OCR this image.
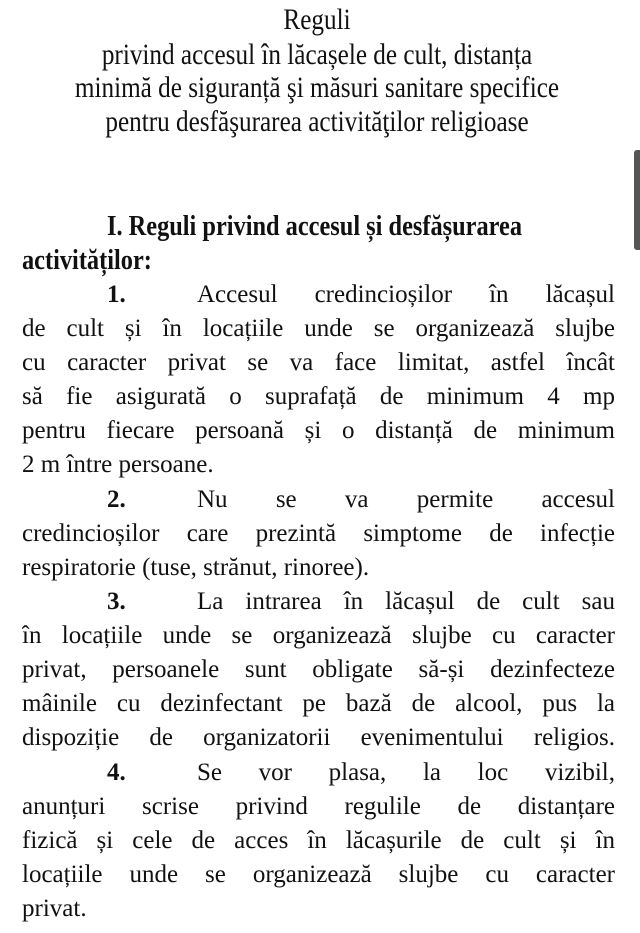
Reguli
privind accesul în lăcașele de cult, distanța
minimă de siguranță şi măsuri sanitare specifice
pentru desfăşurarea activităţilor religioase
I. Reguli privind accesul și desfășurarea
activităților:
1.	Accesul credincioșilor în lăcașul
de cult și în locațiile unde se organizează slujbe
cu caracter privat se va face limitat, astfel încât
să fie asigurată o suprafață de minimum 4 mp
pentru fiecare persoană și o distanță de minimum
2 m între persoane.
2.	Nu se va permite accesul
credincioșilor care prezintă simptome de infecție
respiratorie (tuse, strănut, rinoree).
3.	La intrarea în lăcașul de cult sau
în locațiile unde se organizează slujbe cu caracter
privat, persoanele sunt obligate să-și dezinfecteze
mâinile cu dezinfectant pe bază de alcool, pus la
dispoziție de organizatorii evenimentului religios.
4.	Se vor plasa, la loc vizibil,
anunțuri scrise privind regulile de distanțare
fizică și cele de acces în lăcașurile de cult și în
locațiile unde se organizează slujbe cu caracter
privat.
